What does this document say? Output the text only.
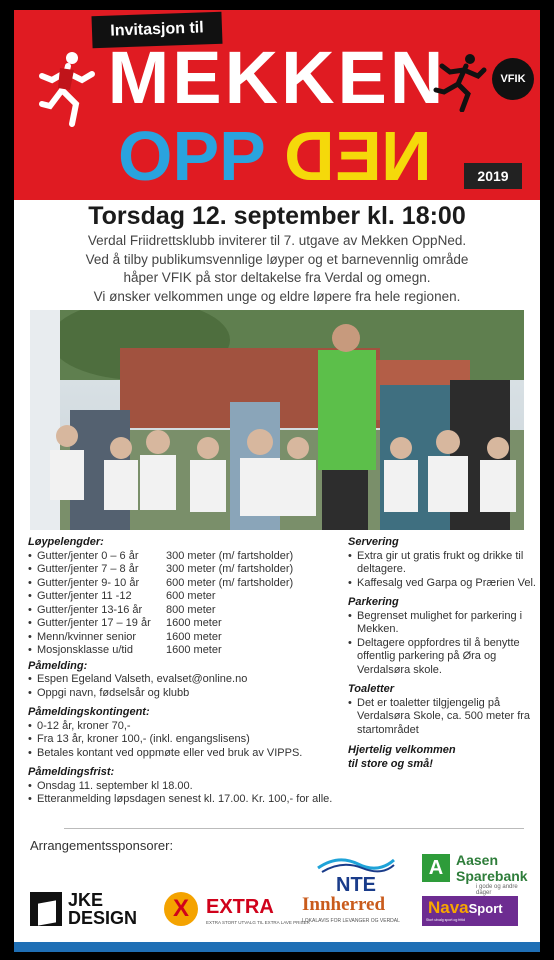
Invitasjon til
MEKKEN
OPP DEN
VFIK
2019
Torsdag 12. september kl. 18:00
Verdal Friidrettsklubb inviterer til 7. utgave av Mekken OppNed.
Ved å tilby publikumsvennlige løyper og et barnevennlig område
håper VFIK på stor deltakelse fra Verdal og omegn.
Vi ønsker velkommen unge og eldre løpere fra hele regionen.
Løypelengder:
• Gutter/jenter 0 – 6 år	300 meter (m/ fartsholder)
• Gutter/jenter 7 – 8 år	300 meter (m/ fartsholder)
• Gutter/jenter 9- 10 år	600 meter (m/ fartsholder)
• Gutter/jenter 11 -12	600 meter
• Gutter/jenter 13-16 år	800 meter
• Gutter/jenter 17 – 19 år	1600 meter
• Menn/kvinner senior	1600 meter
• Mosjonsklasse u/tid	1600 meter
Påmelding:
• Espen Egeland Valseth, evalset@online.no
• Oppgi navn, fødselsår og klubb
Påmeldingskontingent:
• 0-12 år, kroner 70,-
• Fra 13 år, kroner 100,- (inkl. engangslisens)
• Betales kontant ved oppmøte eller ved bruk av VIPPS.
Påmeldingsfrist:
• Onsdag 11. september kl 18.00.
• Etteranmelding løpsdagen senest kl. 17.00. Kr. 100,- for alle.
Servering
• Extra gir ut gratis frukt og drikke til deltagere.
• Kaffesalg ved Garpa og Prærien Vel.
Parkering
• Begrenset mulighet for parkering i Mekken.
• Deltagere oppfordres til å benytte offentlig parkering på Øra og Verdalsøra skole.
Toaletter
• Det er toaletter tilgjengelig på Verdalsøra Skole, ca. 500 meter fra startområdet
Hjertelig velkommen
til store og små!
Arrangementssponsorer:
NTE
A Aasen
Sparebank
i gode og andre dager
JKE
DESIGN	X EXTRA
EXTRA STORT UTVALG TIL EXTRA LAVE PRISER
Innherred
LOKALAVIS FOR LEVANGER OG VERDAL
NavaSport
Stort utvalg sport og fritid
